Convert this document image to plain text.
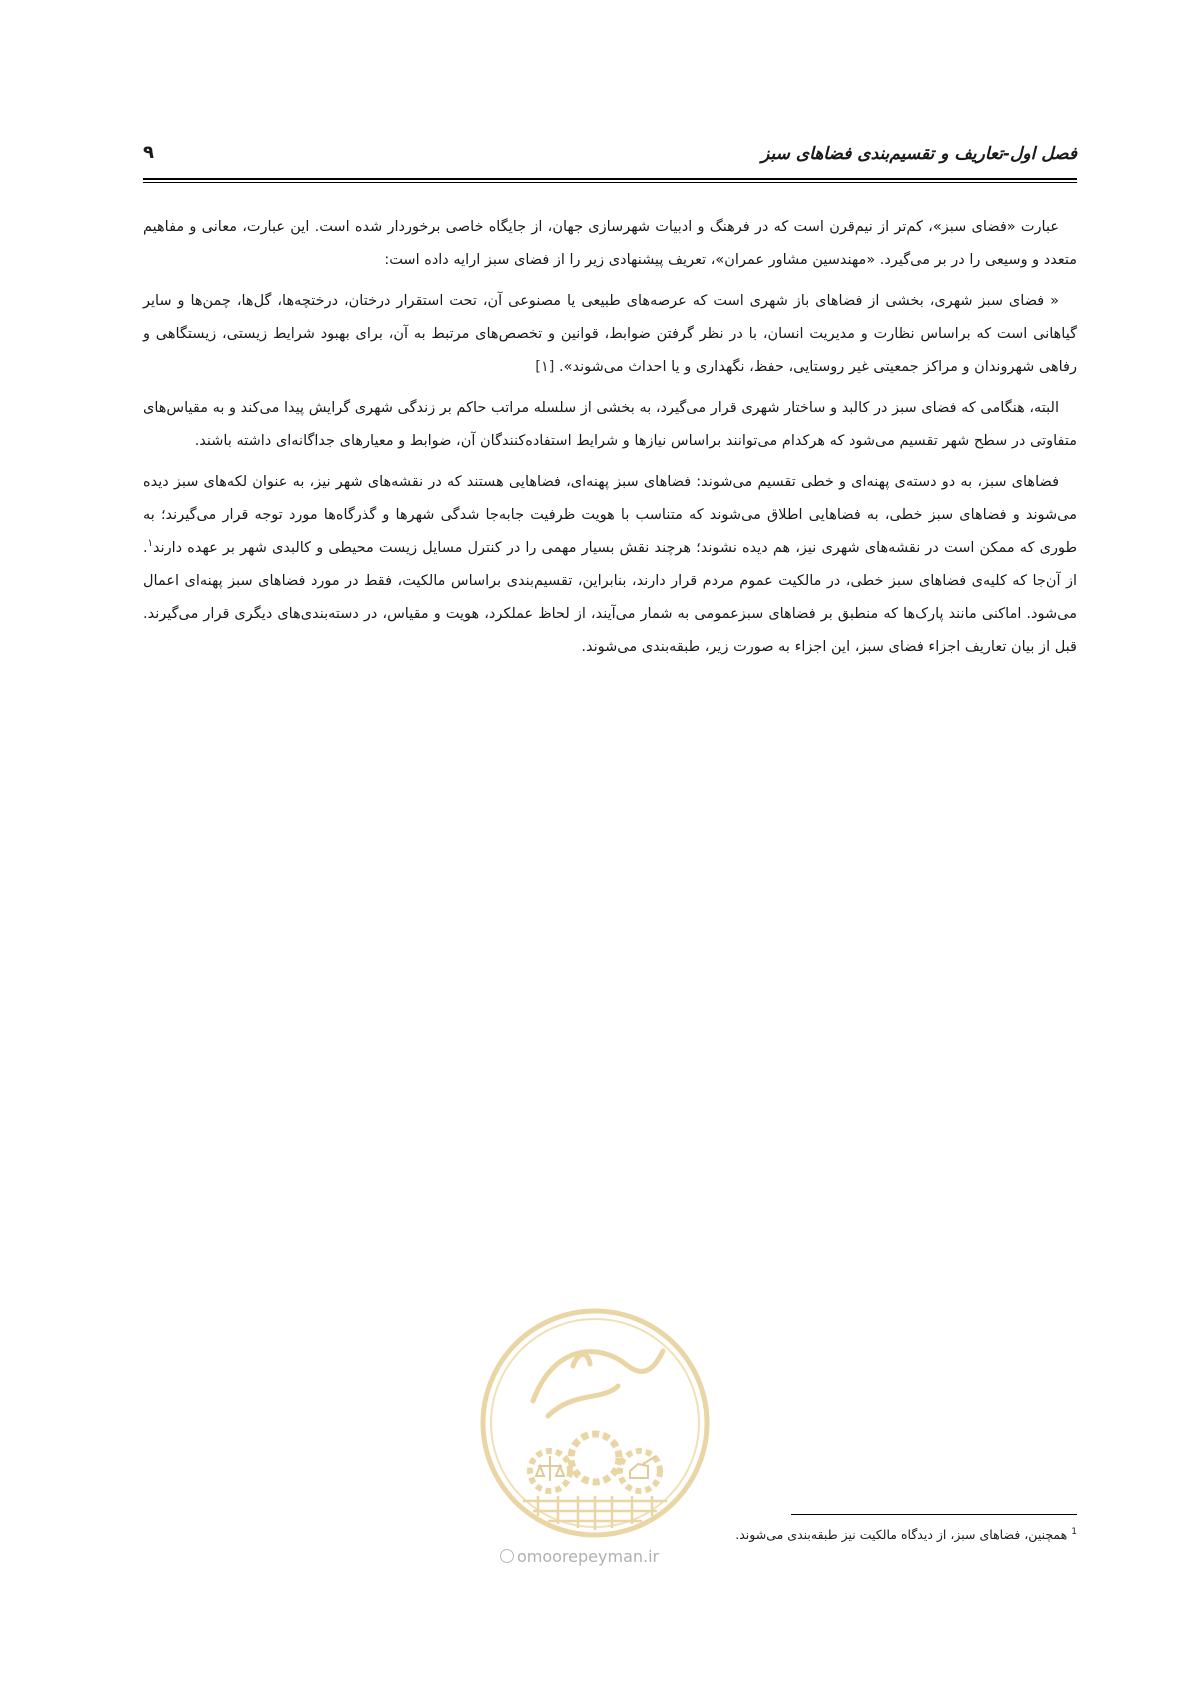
فصل اول-تعاریف و تقسیم‌بندی فضاهای سبز
۹

عبارت «فضای سبز»، کم‌تر از نیم‌قرن است که در فرهنگ و ادبیات شهرسازی جهان، از جایگاه خاصی برخوردار شده است. این عبارت، معانی و مفاهیم متعدد و وسیعی را در بر می‌گیرد. «مهندسین مشاور عمران»، تعریف پیشنهادی زیر را از فضای سبز ارایه داده است:

« فضای سبز شهری، بخشی از فضاهای باز شهری است که عرصه‌های طبیعی یا مصنوعی آن، تحت استقرار درختان، درختچه‌ها، گل‌ها، چمن‌ها و سایر گیاهانی است که براساس نظارت و مدیریت انسان، با در نظر گرفتن ضوابط، قوانین و تخصص‌های مرتبط به آن، برای بهبود شرایط زیستی، زیستگاهی و رفاهی شهروندان و مراکز جمعیتی غیر روستایی، حفظ، نگهداری و یا احداث می‌شوند». [۱]

البته، هنگامی که فضای سبز در کالبد و ساختار شهری قرار می‌گیرد، به بخشی از سلسله مراتب حاکم بر زندگی شهری گرایش پیدا می‌کند و به مقیاس‌های متفاوتی در سطح شهر تقسیم می‌شود که هرکدام می‌توانند براساس نیازها و شرایط استفاده‌کنندگان آن، ضوابط و معیارهای جداگانه‌ای داشته باشند.

فضاهای سبز، به دو دسته‌ی پهنه‌ای و خطی تقسیم می‌شوند: فضاهای سبز پهنه‌ای، فضاهایی هستند که در نقشه‌های شهر نیز، به عنوان لکه‌های سبز دیده می‌شوند و فضاهای سبز خطی، به فضاهایی اطلاق می‌شوند که متناسب با هویت ظرفیت جابه‌جا شدگی شهرها و گذرگاه‌ها مورد توجه قرار می‌گیرند؛ به طوری که ممکن است در نقشه‌های شهری نیز، هم دیده نشوند؛ هرچند نقش بسیار مهمی را در کنترل مسایل زیست محیطی و کالبدی شهر بر عهده دارند$^۱$. از آن‌جا که کلیه‌ی فضاهای سبز خطی، در مالکیت عموم مردم قرار دارند، بنابراین، تقسیم‌بندی براساس مالکیت، فقط در مورد فضاهای سبز پهنه‌ای اعمال می‌شود. اماکنی مانند پارک‌ها که منطبق بر فضاهای سبزعمومی به شمار می‌آیند، از لحاظ عملکرد، هویت و مقیاس، در دسته‌بندی‌های دیگری قرار می‌گیرند. قبل از بیان تعاریف اجزاء فضای سبز، این اجزاء به صورت زیر، طبقه‌بندی می‌شوند.

omoorepeyman.ir
$^1$همچنین، فضاهای سبز، از دیدگاه مالکیت نیز طبقه‌بندی می‌شوند.
